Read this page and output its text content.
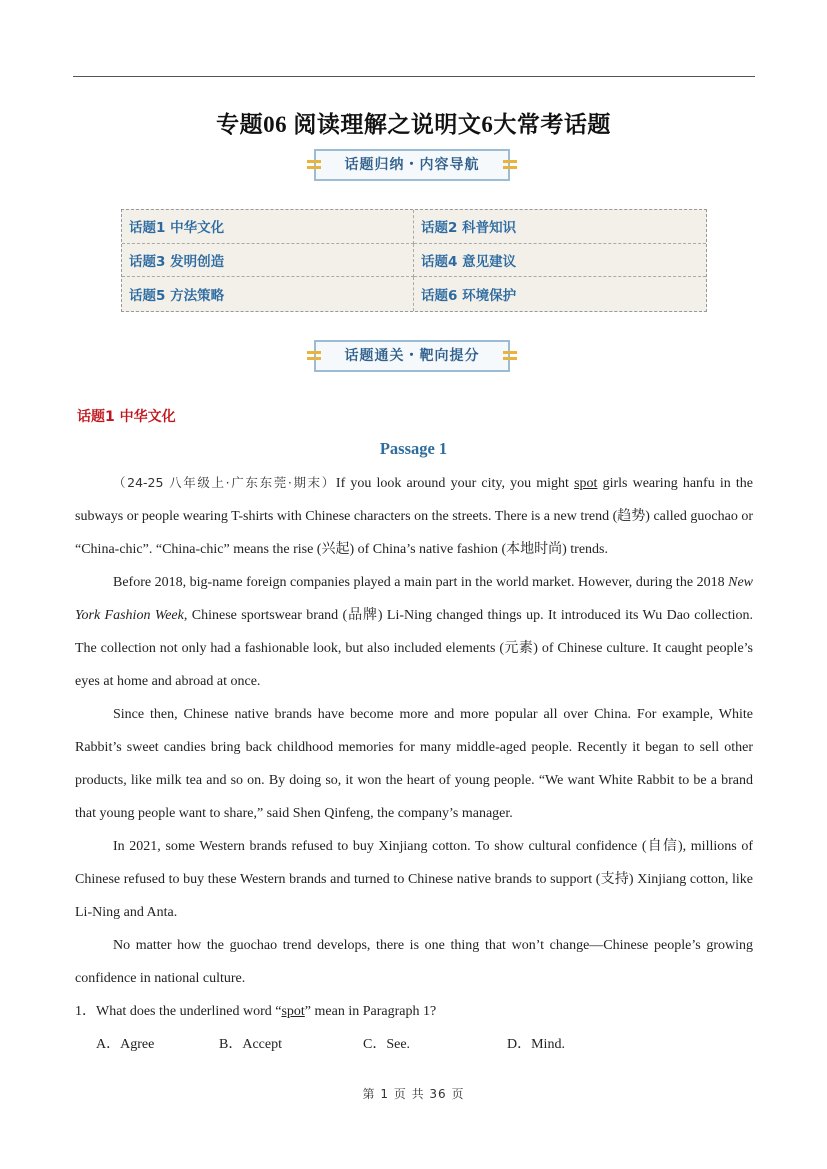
专题06 阅读理解之说明文6大常考话题
话题归纳・内容导航
话题1 中华文化	话题2 科普知识
话题3 发明创造	话题4 意见建议
话题5 方法策略	话题6 环境保护
话题通关・靶向提分
话题1 中华文化
Passage 1

（24-25 八年级上·广东东莞·期末）If you look around your city, you might spot girls wearing hanfu in the subways or people wearing T-shirts with Chinese characters on the streets. There is a new trend (趋势) called guochao or “China-chic”. “China-chic” means the rise (兴起) of China’s native fashion (本地时尚) trends.

Before 2018, big-name foreign companies played a main part in the world market. However, during the 2018 New York Fashion Week, Chinese sportswear brand (品牌) Li-Ning changed things up. It introduced its Wu Dao collection. The collection not only had a fashionable look, but also included elements (元素) of Chinese culture. It caught people’s eyes at home and abroad at once.

Since then, Chinese native brands have become more and more popular all over China. For example, White Rabbit’s sweet candies bring back childhood memories for many middle-aged people. Recently it began to sell other products, like milk tea and so on. By doing so, it won the heart of young people. “We want White Rabbit to be a brand that young people want to share,” said Shen Qinfeng, the company’s manager.

In 2021, some Western brands refused to buy Xinjiang cotton. To show cultural confidence (自信), millions of Chinese refused to buy these Western brands and turned to Chinese native brands to support (支持) Xinjiang cotton, like Li-Ning and Anta.

No matter how the guochao trend develops, there is one thing that won’t change—Chinese people’s growing confidence in national culture.

1．What does the underlined word “spot” mean in Paragraph 1?
A．Agree	B．Accept	C．See.	D．Mind.
第 1 页 共 36 页
